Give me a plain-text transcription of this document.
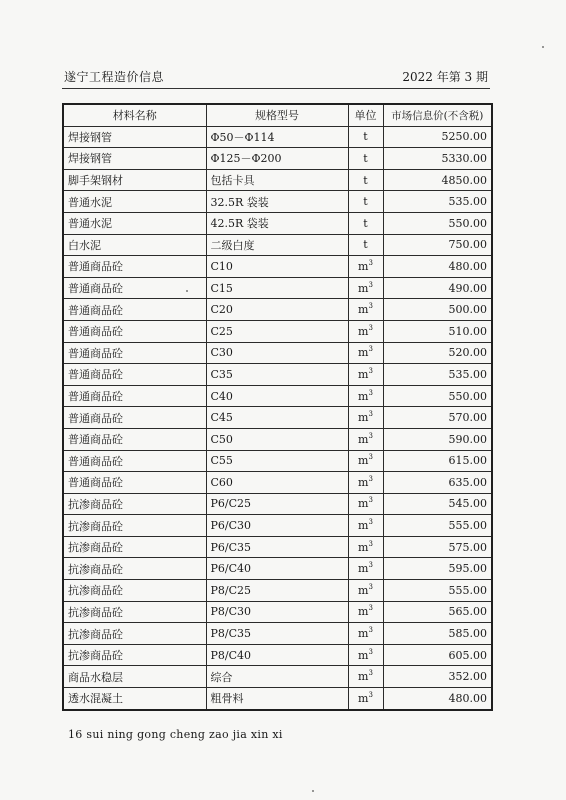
遂宁工程造价信息	2022 年第 3 期
材料名称	规格型号	单位	市场信息价(不含税)
焊接钢管	Φ50－Φ114	t	5250.00
焊接钢管	Φ125－Φ200	t	5330.00
脚手架钢材	包括卡具	t	4850.00
普通水泥	32.5R 袋装	t	535.00
普通水泥	42.5R 袋装	t	550.00
白水泥	二级白度	t	750.00
普通商品砼	C10	$m^3$	480.00
普通商品砼	C15	$m^3$	490.00
普通商品砼	C20	$m^3$	500.00
普通商品砼	C25	$m^3$	510.00
普通商品砼	C30	$m^3$	520.00
普通商品砼	C35	$m^3$	535.00
普通商品砼	C40	$m^3$	550.00
普通商品砼	C45	$m^3$	570.00
普通商品砼	C50	$m^3$	590.00
普通商品砼	C55	$m^3$	615.00
普通商品砼	C60	$m^3$	635.00
抗渗商品砼	P6/C25	$m^3$	545.00
抗渗商品砼	P6/C30	$m^3$	555.00
抗渗商品砼	P6/C35	$m^3$	575.00
抗渗商品砼	P6/C40	$m^3$	595.00
抗渗商品砼	P8/C25	$m^3$	555.00
抗渗商品砼	P8/C30	$m^3$	565.00
抗渗商品砼	P8/C35	$m^3$	585.00
抗渗商品砼	P8/C40	$m^3$	605.00
商品水稳层	综合	$m^3$	352.00
透水混凝土	粗骨料	$m^3$	480.00
16 sui ning gong cheng zao jia xin xi
